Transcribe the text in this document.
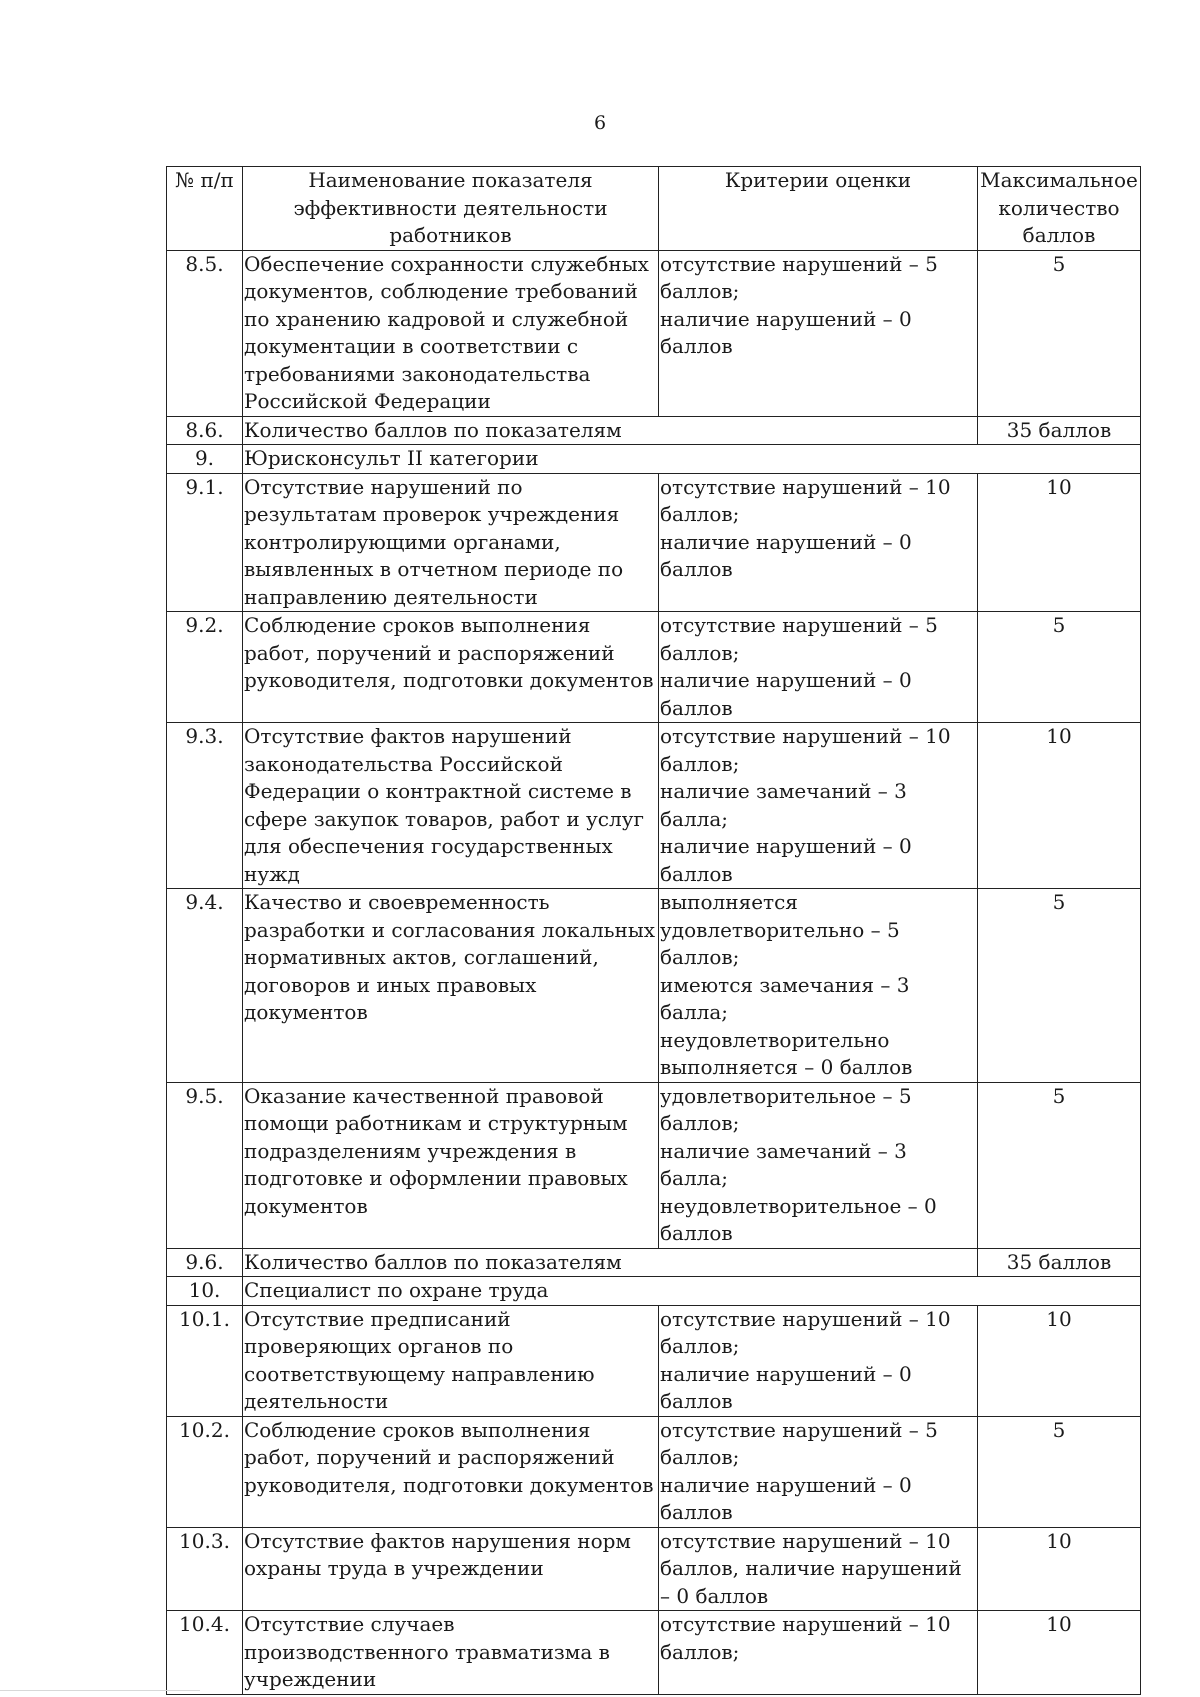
6
№ п/п	Наименование показателя эффективности деятельности работников	Критерии оценки	Максимальное количество баллов
8.5.	Обеспечение сохранности служебных документов, соблюдение требований по хранению кадровой и служебной документации в соответствии с требованиями законодательства Российской Федерации	отсутствие нарушений – 5 баллов;
наличие нарушений – 0 баллов	5
8.6.	Количество баллов по показателям		35 баллов
9.	Юрисконсульт II категории		
9.1.	Отсутствие нарушений по результатам проверок учреждения контролирующими органами, выявленных в отчетном периоде по направлению деятельности	отсутствие нарушений – 10 баллов;
наличие нарушений – 0 баллов	10
9.2.	Соблюдение сроков выполнения работ, поручений и распоряжений руководителя, подготовки документов	отсутствие нарушений – 5 баллов;
наличие нарушений – 0 баллов	5
9.3.	Отсутствие фактов нарушений законодательства Российской Федерации о контрактной системе в сфере закупок товаров, работ и услуг для обеспечения государственных нужд	отсутствие нарушений – 10 баллов;
наличие замечаний – 3 балла;
наличие нарушений – 0 баллов	10
9.4.	Качество и своевременность разработки и согласования локальных нормативных актов, соглашений, договоров и иных правовых документов	выполняется удовлетворительно – 5 баллов;
имеются замечания – 3 балла;
неудовлетворительно выполняется – 0 баллов	5
9.5.	Оказание качественной правовой помощи работникам и структурным подразделениям учреждения в подготовке и оформлении правовых документов	удовлетворительное – 5 баллов;
наличие замечаний – 3 балла;
неудовлетворительное – 0 баллов	5
9.6.	Количество баллов по показателям		35 баллов
10.	Специалист по охране труда		
10.1.	Отсутствие предписаний проверяющих органов по соответствующему направлению деятельности	отсутствие нарушений – 10 баллов;
наличие нарушений – 0 баллов	10
10.2.	Соблюдение сроков выполнения работ, поручений и распоряжений руководителя, подготовки документов	отсутствие нарушений – 5 баллов;
наличие нарушений – 0 баллов	5
10.3.	Отсутствие фактов нарушения норм охраны труда в учреждении	отсутствие нарушений – 10 баллов, наличие нарушений – 0 баллов	10
10.4.	Отсутствие случаев производственного травматизма в учреждении	отсутствие нарушений – 10 баллов;	10
